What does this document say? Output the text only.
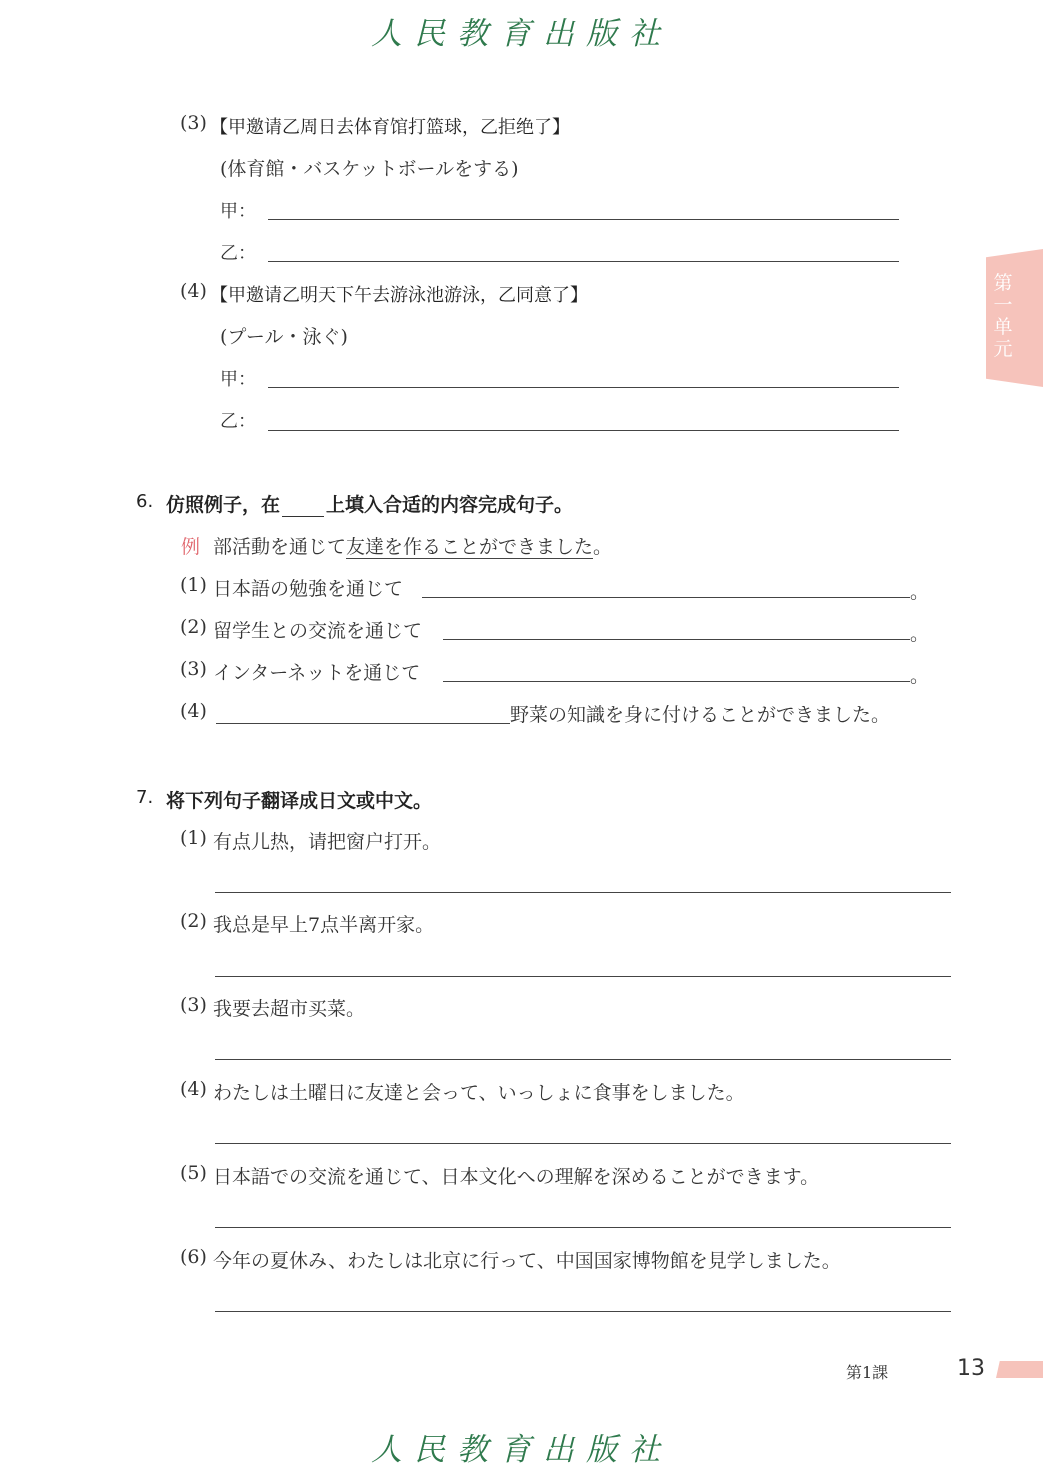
人民教育出版社
第一单元
(3) 【甲邀请乙周日去体育馆打篮球，乙拒绝了】
(体育館・バスケットボールをする)
甲：
乙：
(4) 【甲邀请乙明天下午去游泳池游泳，乙同意了】
(プール・泳ぐ)
甲：
乙：
6. 仿照例子，在 上填入合适的内容完成句子。
例 部活動を通じて友達を作ることができました。
(1) 日本語の勉強を通じて	。
(2) 留学生との交流を通じて	。
(3) インターネットを通じて	。
(4)	野菜の知識を身に付けることができました。
7. 将下列句子翻译成日文或中文。
(1) 有点儿热，请把窗户打开。
(2) 我总是早上7点半离开家。
(3) 我要去超市买菜。
(4) わたしは土曜日に友達と会って、いっしょに食事をしました。
(5) 日本語での交流を通じて、日本文化への理解を深めることができます。
(6) 今年の夏休み、わたしは北京に行って、中国国家博物館を見学しました。
第1課	13
人民教育出版社
